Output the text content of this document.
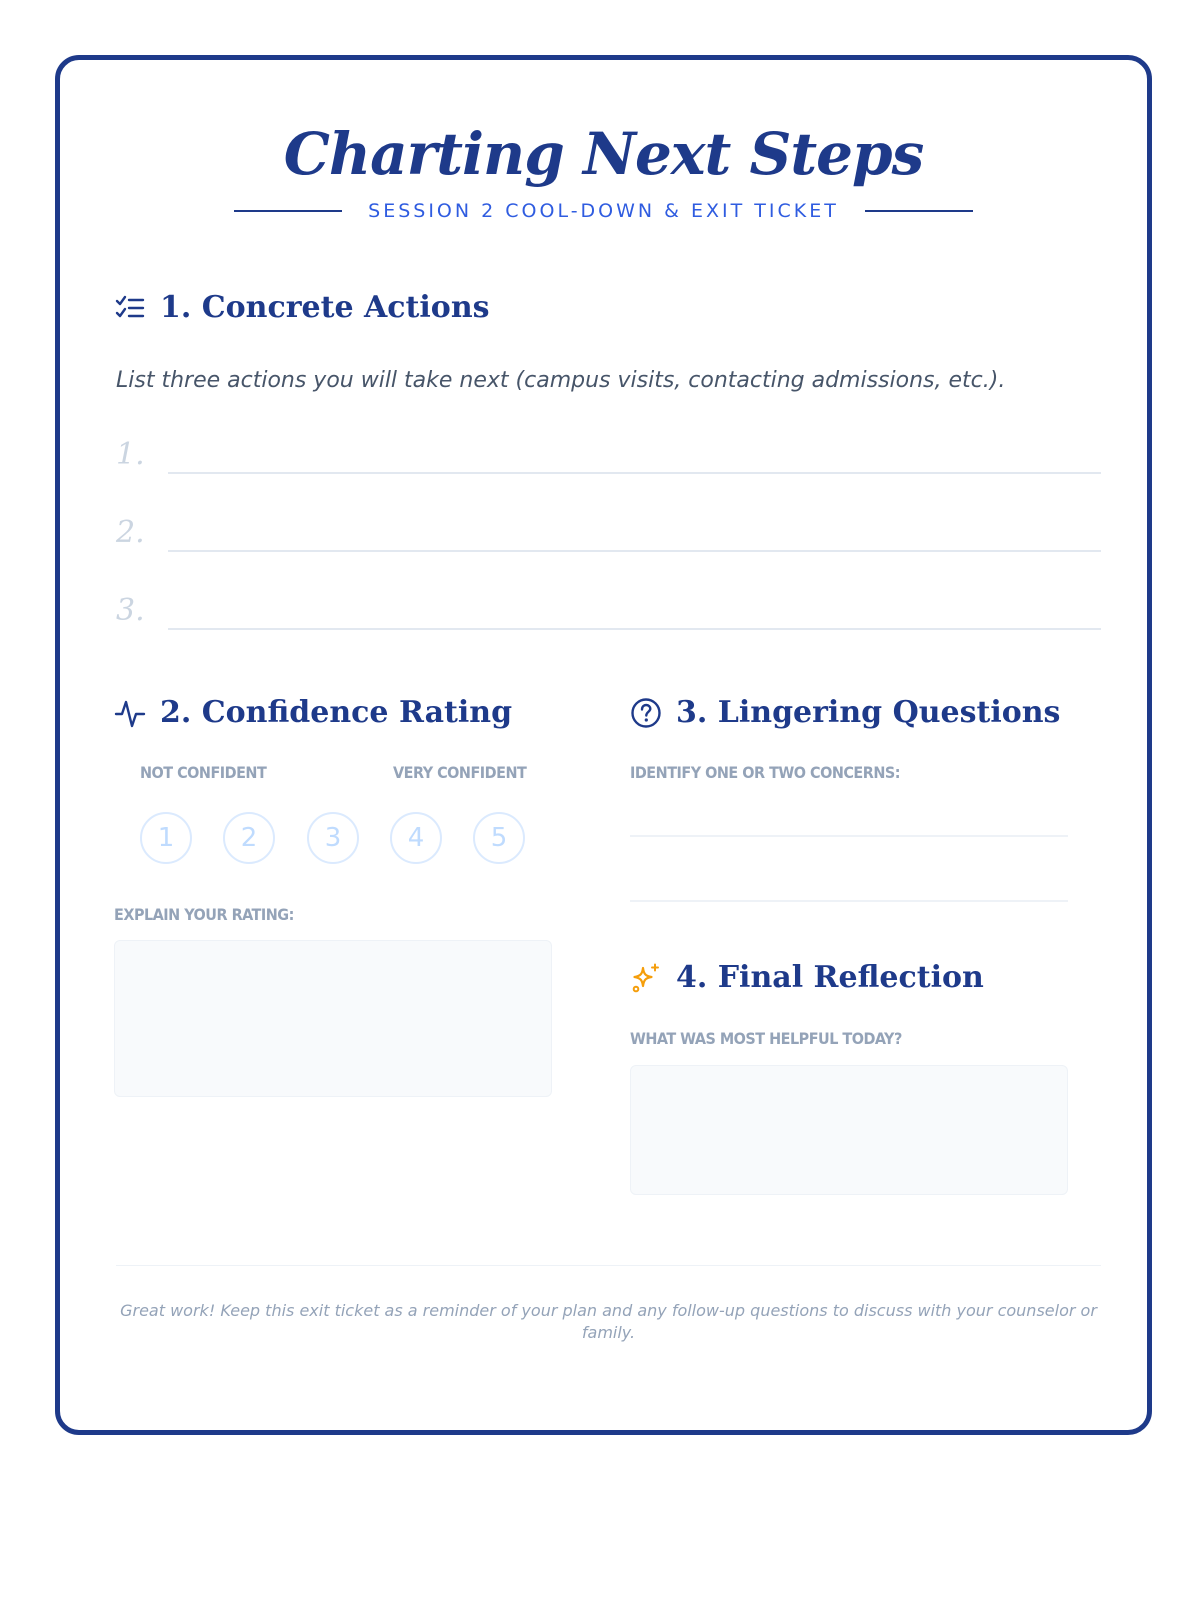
Charting Next Steps
SESSION 2 COOL-DOWN & EXIT TICKET
1. Concrete Actions
List three actions you will take next (campus visits, contacting admissions, etc.).
1.
2.
3.
2. Confidence Rating
NOT CONFIDENT	VERY CONFIDENT
1	2	3	4	5
EXPLAIN YOUR RATING:
3. Lingering Questions
IDENTIFY ONE OR TWO CONCERNS:
4. Final Reflection
WHAT WAS MOST HELPFUL TODAY?
Great work! Keep this exit ticket as a reminder of your plan and any follow-up questions to discuss with your counselor or family.
